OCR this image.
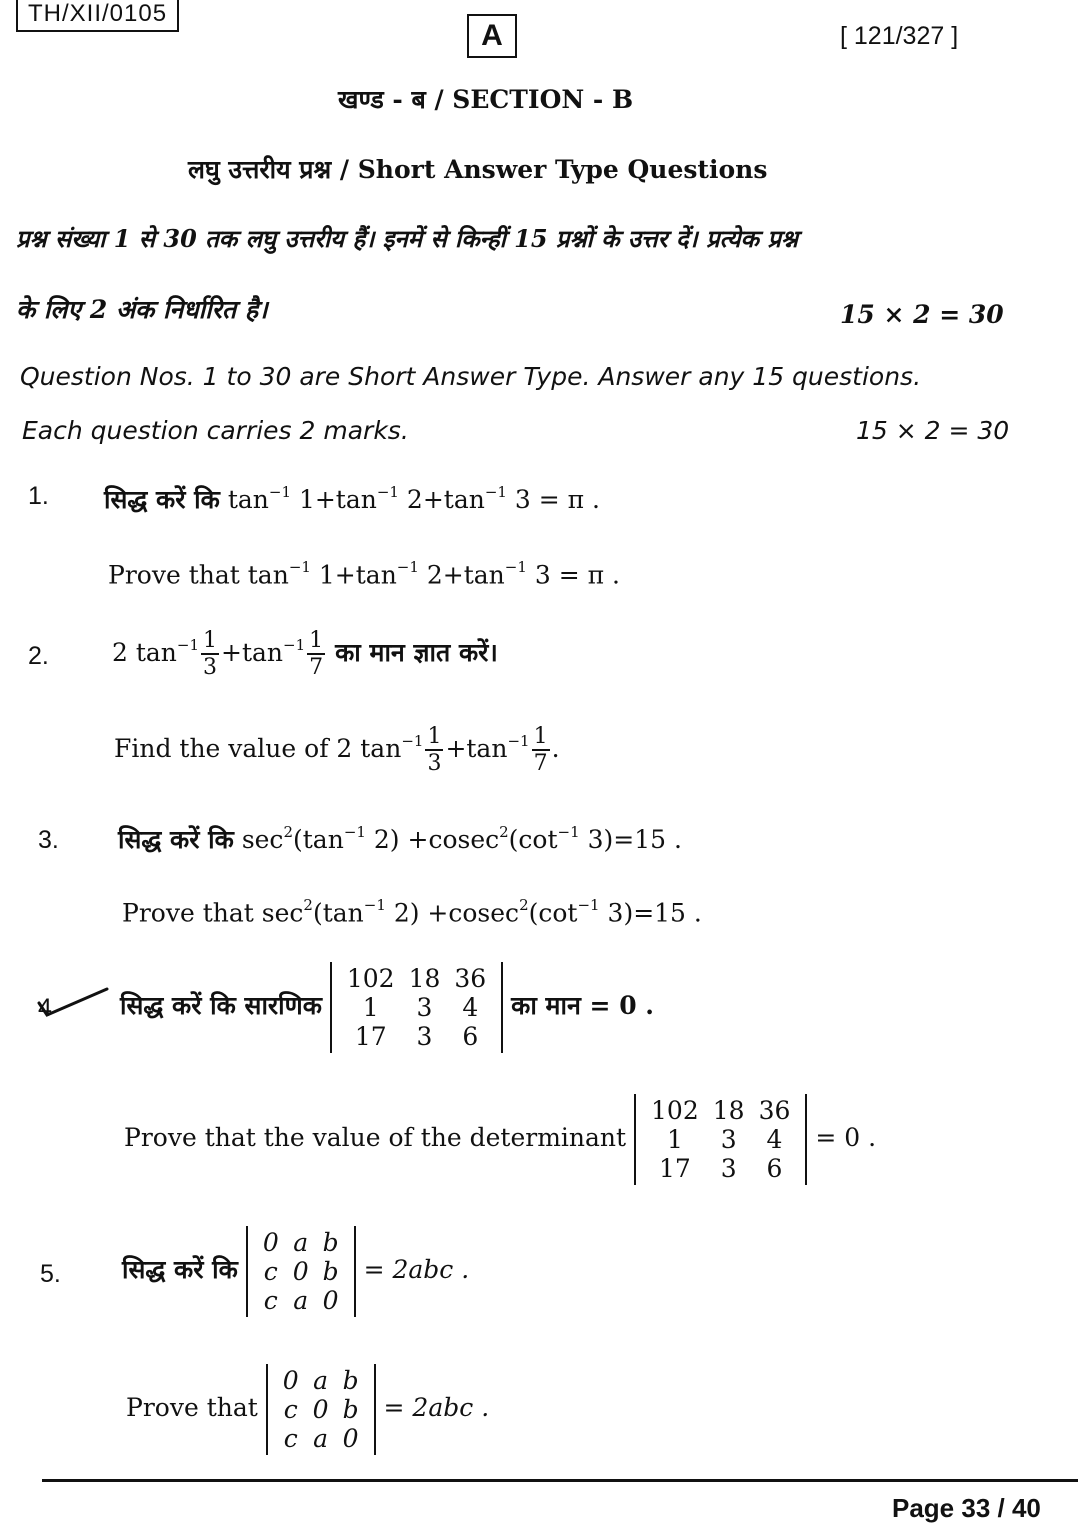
TH/XII/0105
A	[ 121/327 ]
खण्ड - ब / SECTION - B
लघु उत्तरीय प्रश्न / Short Answer Type Questions
प्रश्न संख्या 1 से 30 तक लघु उत्तरीय हैं। इनमें से किन्हीं 15 प्रश्नों के उत्तर दें। प्रत्येक प्रश्न
के लिए 2 अंक निर्धारित है।	15 × 2 = 30
Question Nos. 1 to 30 are Short Answer Type. Answer any 15 questions.
Each question carries 2 marks.	15 × 2 = 30
1. सिद्ध करें कि $\tan^{-1} 1+\tan^{-1}$ $2+\tan^{-1}$ 3 = π .
Prove that $\tan^{-1} 1+\tan^{-1}$ $2+\tan^{-1}$ 3 = π .
2.	2 $\tan^{-1} \frac{1}{3} +\tan^{-1} \frac{1}{7}$ का मान ज्ञात करें।
Find the value of 2 $\tan^{-1} \frac{1}{3} +\tan^{-1} \frac{1}{7}$ .
3. सिद्ध करें कि $\sec^2(\tan^{-1}$ $2) +cosec^2(\cot^{-1}$ 3)=15 .
Prove that $\sec^2(\tan^{-1}$ $2) +cosec^2(\cot^{-1}$ 3)=15 .
4	सिद्ध करें कि सारणिक
102	18	36
1	3	4
17	3	6
का मान = 0 .
Prove that the value of the determinant
102	18	36
1	3	4
17	3	6
= 0 .
5. सिद्ध करें कि
0	a	b
c	0	b
c	a	0
= 2abc .
Prove that
0	a	b
c	0	b
c	a	0
= 2abc .
Page 33 / 40
